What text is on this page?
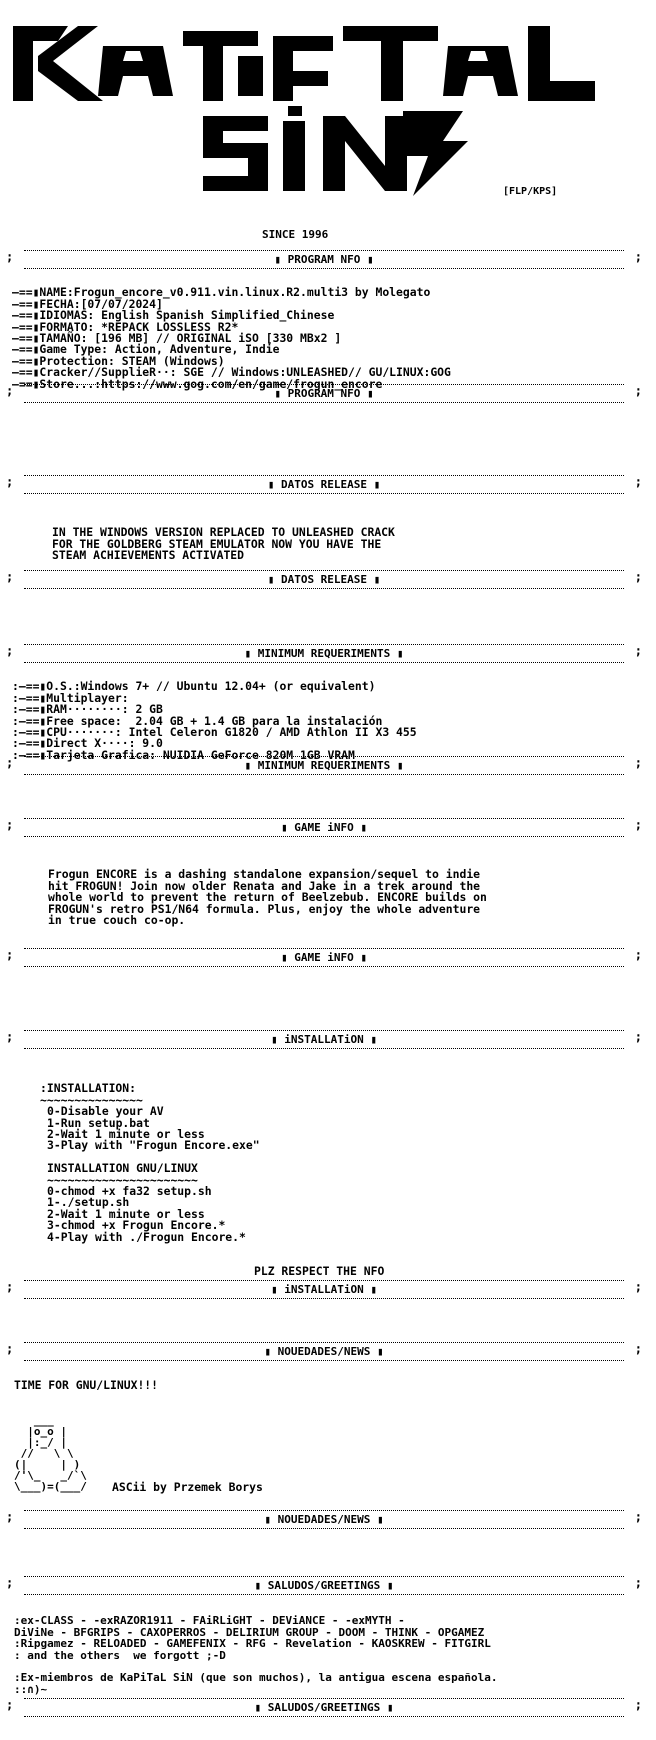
[FLP/KPS]
SINCE 1996
;	;
▮ PROGRAM NFO ▮

—==▮NAME:Frogun_encore_v0.911.vin.linux.R2.multi3 by Molegato
—==▮FECHA:[07/07/2024]
—==▮IDIOMAS: English Spanish Simplified_Chinese
—==▮FORMATO: *REPACK LOSSLESS R2*
—==▮TAMAÑO: [196 MB] // ORIGINAL iSO [330 MBx2 ]
—==▮Game Type: Action, Adventure, Indie
—==▮Protection: STEAM (Windows)
—==▮Cracker//SupplieR··: SGE // Windows:UNLEASHED// GU/LINUX:GOG
—==▮Store...:https://www.gog.com/en/game/frogun_encore
;	;
▮ PROGRAM NFO ▮
;	;
▮ DATOS RELEASE ▮

IN THE WINDOWS VERSION REPLACED TO UNLEASHED CRACK
FOR THE GOLDBERG STEAM EMULATOR NOW YOU HAVE THE
STEAM ACHIEVEMENTS ACTIVATED
;	;
▮ DATOS RELEASE ▮
;	;
▮ MINIMUM REQUERIMENTS ▮

:—==▮O.S.:Windows 7+ // Ubuntu 12.04+ (or equivalent)
:—==▮Multiplayer:
:—==▮RAM········: 2 GB
:—==▮Free space:  2.04 GB + 1.4 GB para la instalación
:—==▮CPU·······: Intel Celeron G1820 / AMD Athlon II X3 455
:—==▮Direct X····: 9.0
:—==▮Tarjeta Grafica: NUIDIA GeForce 820M 1GB VRAM
;	;
▮ MINIMUM REQUERIMENTS ▮
;	;
▮ GAME iNFO ▮

Frogun ENCORE is a dashing standalone expansion/sequel to indie
hit FROGUN! Join now older Renata and Jake in a trek around the
whole world to prevent the return of Beelzebub. ENCORE builds on
FROGUN's retro PS1/N64 formula. Plus, enjoy the whole adventure
in true couch co-op.
;	;
▮ GAME iNFO ▮
;	;
▮ iNSTALLATiON ▮

:INSTALLATION:
~~~~~~~~~~~~~~~
0-Disable your AV
1-Run setup.bat
2-Wait 1 minute or less
3-Play with "Frogun Encore.exe"

INSTALLATION GNU/LINUX
~~~~~~~~~~~~~~~~~~~~~~
0-chmod +x fa32 setup.sh
1-./setup.sh
2-Wait 1 minute or less
3-chmod +x Frogun Encore.*
4-Play with ./Frogun Encore.*
PLZ RESPECT THE NFO
;	;
▮ iNSTALLATiON ▮
;	;
▮ NOUEDADES/NEWS ▮
TIME FOR GNU/LINUX!!!
___
|o_o |
|:_/ |
//   \ \
(|     | )
/'\_   _/`\
\___)=(___/ ASCii by Przemek Borys
;	;
▮ NOUEDADES/NEWS ▮
;	;
▮ SALUDOS/GREETINGS ▮

:ex-CLASS - -exRAZOR1911 - FAiRLiGHT - DEViANCE - -exMYTH -
DiViNe - BFGRIPS - CAXOPERROS - DELIRIUM GROUP - DOOM - THINK - OPGAMEZ
:Ripgamez - RELOADED - GAMEFENIX - RFG - Revelation - KAOSKREW - FITGIRL
: and the others  we forgott ;-D

:Ex-miembros de KaPiTaL SiN (que son muchos), la antigua escena española.
::∩)~
;	;
▮ SALUDOS/GREETINGS ▮
